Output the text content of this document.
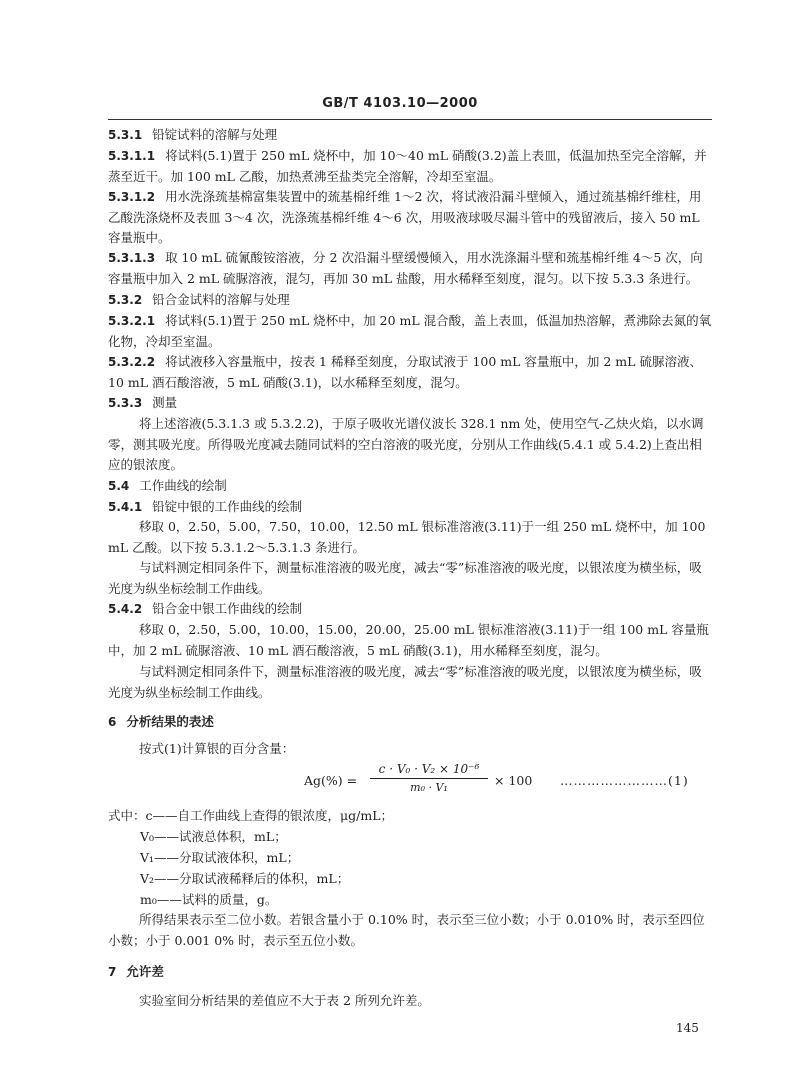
GB/T 4103.10—2000

5.3.1 铅锭试料的溶解与处理

5.3.1.1 将试料(5.1)置于 250 mL 烧杯中，加 10～40 mL 硝酸(3.2)盖上表皿，低温加热至完全溶解，并蒸至近干。加 100 mL 乙酸，加热煮沸至盐类完全溶解，冷却至室温。

5.3.1.2 用水洗涤巯基棉富集装置中的巯基棉纤维 1～2 次，将试液沿漏斗壁倾入，通过巯基棉纤维柱，用乙酸洗涤烧杯及表皿 3～4 次，洗涤巯基棉纤维 4～6 次，用吸液球吸尽漏斗管中的残留液后，接入 50 mL 容量瓶中。

5.3.1.3 取 10 mL 硫氰酸铵溶液，分 2 次沿漏斗壁缓慢倾入，用水洗涤漏斗壁和巯基棉纤维 4～5 次，向容量瓶中加入 2 mL 硫脲溶液，混匀，再加 30 mL 盐酸，用水稀释至刻度，混匀。以下按 5.3.3 条进行。

5.3.2 铅合金试料的溶解与处理

5.3.2.1 将试料(5.1)置于 250 mL 烧杯中，加 20 mL 混合酸，盖上表皿，低温加热溶解，煮沸除去氮的氧化物，冷却至室温。

5.3.2.2 将试液移入容量瓶中，按表 1 稀释至刻度，分取试液于 100 mL 容量瓶中，加 2 mL 硫脲溶液、10 mL 酒石酸溶液，5 mL 硝酸(3.1)，以水稀释至刻度，混匀。

5.3.3 测量

将上述溶液(5.3.1.3 或 5.3.2.2)，于原子吸收光谱仪波长 328.1 nm 处，使用空气-乙炔火焰，以水调零，测其吸光度。所得吸光度减去随同试料的空白溶液的吸光度，分别从工作曲线(5.4.1 或 5.4.2)上查出相应的银浓度。

5.4 工作曲线的绘制

5.4.1 铅锭中银的工作曲线的绘制

移取 0，2.50，5.00，7.50，10.00，12.50 mL 银标准溶液(3.11)于一组 250 mL 烧杯中，加 100 mL 乙酸。以下按 5.3.1.2～5.3.1.3 条进行。

与试料测定相同条件下，测量标准溶液的吸光度，减去“零”标准溶液的吸光度，以银浓度为横坐标，吸光度为纵坐标绘制工作曲线。

5.4.2 铅合金中银工作曲线的绘制

移取 0，2.50，5.00，10.00，15.00，20.00，25.00 mL 银标准溶液(3.11)于一组 100 mL 容量瓶中，加 2 mL 硫脲溶液、10 mL 酒石酸溶液，5 mL 硝酸(3.1)，用水稀释至刻度，混匀。

与试料测定相同条件下，测量标准溶液的吸光度，减去“零”标准溶液的吸光度，以银浓度为横坐标，吸光度为纵坐标绘制工作曲线。

6 分析结果的表述

按式(1)计算银的百分含量：

$Ag(\%) = \frac{\text{c · V₀ · V₂ × 10⁻⁶}}{\text{m₀ · V₁}} \times 100$ ……………………(1)

式中：c——自工作曲线上查得的银浓度，μg/mL；

V₀——试液总体积，mL；

V₁——分取试液体积，mL；

V₂——分取试液稀释后的体积，mL；

m₀——试料的质量，g。

所得结果表示至二位小数。若银含量小于 0.10% 时，表示至三位小数；小于 0.010% 时，表示至四位小数；小于 0.001 0% 时，表示至五位小数。

7 允许差

实验室间分析结果的差值应不大于表 2 所列允许差。

145
